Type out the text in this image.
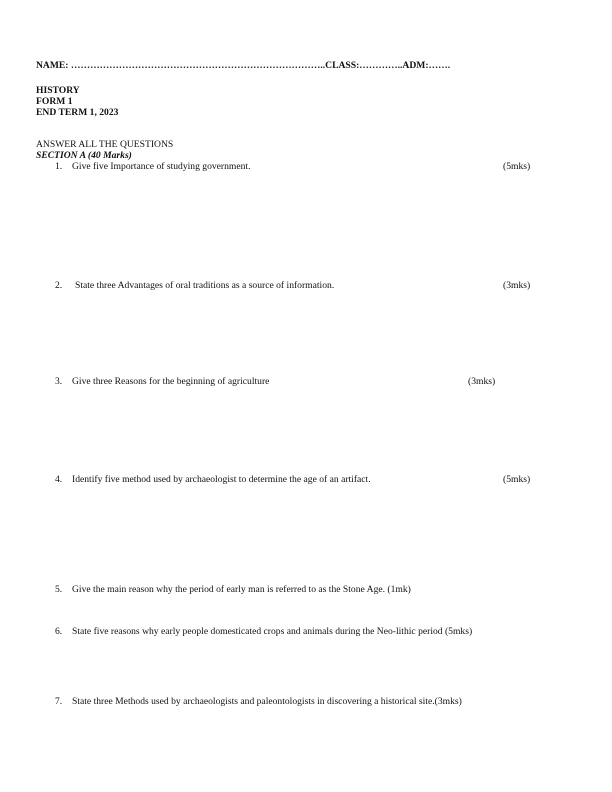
NAME: ……………………………………………………………………..CLASS:…………..ADM:…….
HISTORY
FORM 1
END TERM 1, 2023
ANSWER ALL THE QUESTIONS
SECTION A (40 Marks)
1. Give five Importance of studying government.	(5mks)
2. State three Advantages of oral traditions as a source of information.	(3mks)
3. Give three Reasons for the beginning of agriculture	(3mks)
4. Identify five method used by archaeologist to determine the age of an artifact.	(5mks)
5. Give the main reason why the period of early man is referred to as the Stone Age. (1mk)
6. State five reasons why early people domesticated crops and animals during the Neo-lithic period (5mks)
7. State three Methods used by archaeologists and paleontologists in discovering a historical site.(3mks)
